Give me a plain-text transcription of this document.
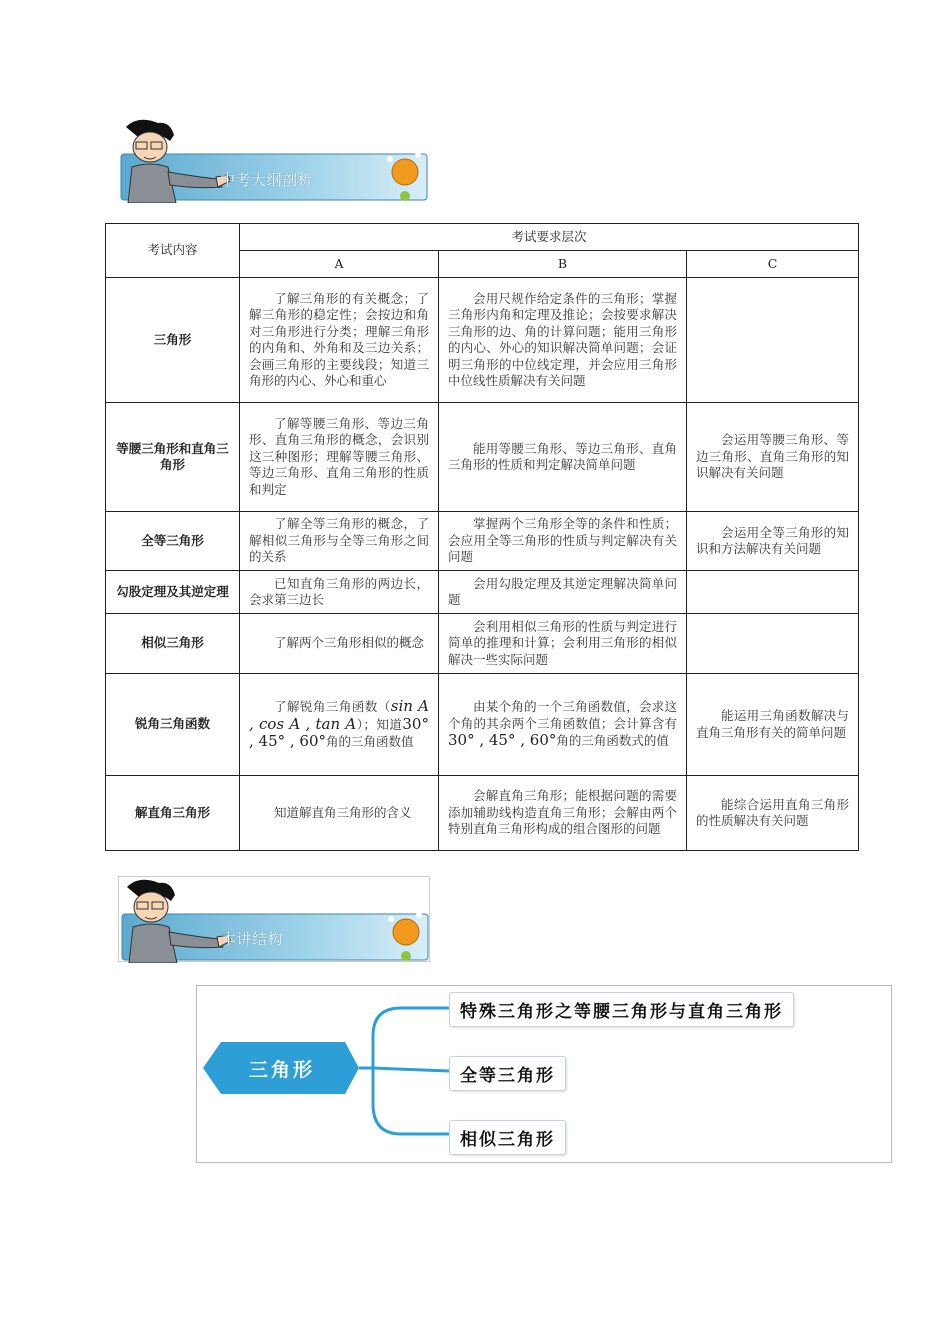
中考大纲剖析
考试内容	考试要求层次		
	A	B	C
三角形	了解三角形的有关概念；了解三角形的稳定性；会按边和角对三角形进行分类；理解三角形的内角和、外角和及三边关系；会画三角形的主要线段；知道三角形的内心、外心和重心	会用尺规作给定条件的三角形；掌握三角形内角和定理及推论；会按要求解决三角形的边、角的计算问题；能用三角形的内心、外心的知识解决简单问题；会证明三角形的中位线定理，并会应用三角形中位线性质解决有关问题	

等腰三角形和直角三角形	了解等腰三角形、等边三角形、直角三角形的概念，会识别这三种图形；理解等腰三角形、等边三角形、直角三角形的性质和判定	能用等腰三角形、等边三角形、直角三角形的性质和判定解决简单问题	会运用等腰三角形、等边三角形、直角三角形的知识解决有关问题

全等三角形	了解全等三角形的概念，了解相似三角形与全等三角形之间的关系	掌握两个三角形全等的条件和性质；会应用全等三角形的性质与判定解决有关问题	会运用全等三角形的知识和方法解决有关问题

勾股定理及其逆定理	已知直角三角形的两边长，会求第三边长	会用勾股定理及其逆定理解决简单问题	

相似三角形	了解两个三角形相似的概念	会利用相似三角形的性质与判定进行简单的推理和计算；会利用三角形的相似解决一些实际问题	

锐角三角函数	了解锐角三角函数（sin A , cos A , tan A）；知道30° , 45° , 60°角的三角函数值	由某个角的一个三角函数值，会求这个角的其余两个三角函数值；会计算含有30° , 45° , 60°角的三角函数式的值	能运用三角函数解决与直角三角形有关的简单问题

解直角三角形	知道解直角三角形的含义	会解直角三角形；能根据问题的需要添加辅助线构造直角三角形；会解由两个特别直角三角形构成的组合图形的问题	能综合运用直角三角形的性质解决有关问题
本讲结构
三角形
特殊三角形之等腰三角形与直角三角形
全等三角形
相似三角形
